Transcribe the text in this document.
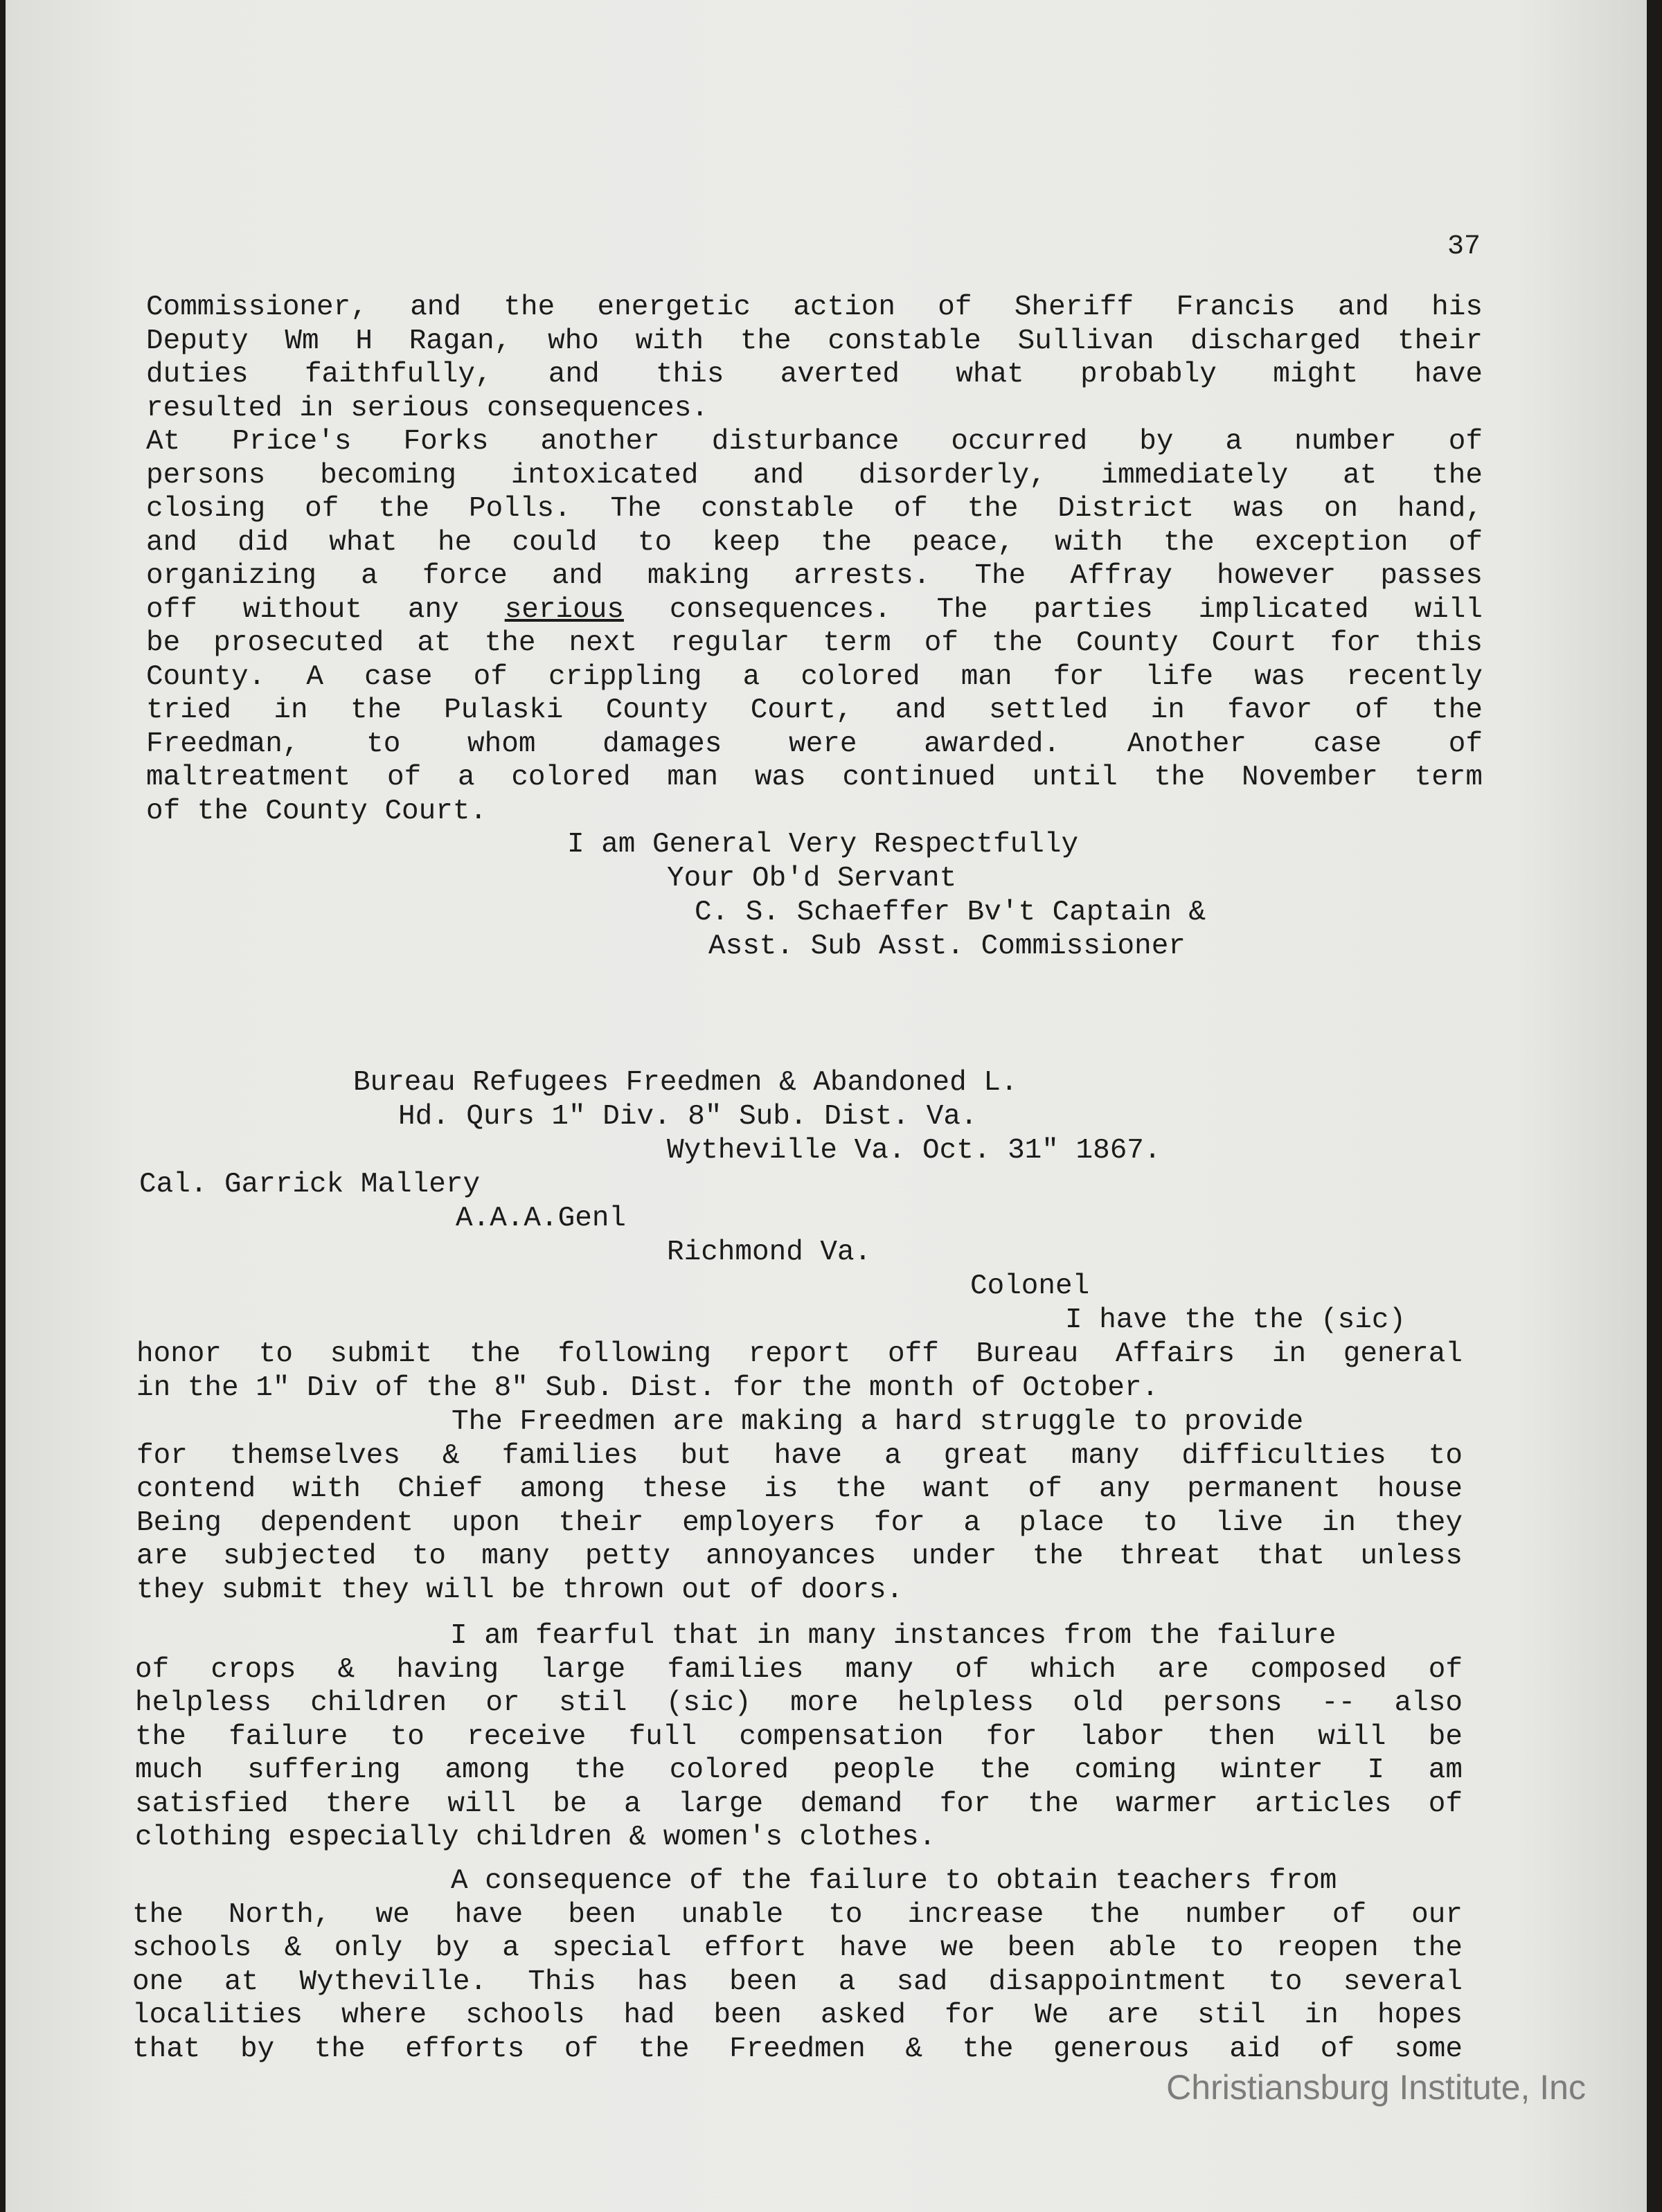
37
Commissioner, and the energetic action of Sheriff Francis and his
Deputy Wm H Ragan, who with the constable Sullivan discharged their
duties faithfully, and this averted what probably might have
resulted in serious consequences.
At Price's Forks another disturbance occurred by a number of
persons becoming intoxicated and disorderly, immediately at the
closing of the Polls. The constable of the District was on hand,
and did what he could to keep the peace, with the exception of
organizing a force and making arrests. The Affray however passes
off without any serious consequences. The parties implicated will
be prosecuted at the next regular term of the County Court for this
County. A case of crippling a colored man for life was recently
tried in the Pulaski County Court, and settled in favor of the
Freedman, to whom damages were awarded. Another case of
maltreatment of a colored man was continued until the November term
of the County Court.
I am General Very Respectfully
Your Ob'd Servant
C. S. Schaeffer Bv't Captain &
Asst. Sub Asst. Commissioner
Bureau Refugees Freedmen & Abandoned L.
Hd. Qurs 1" Div. 8" Sub. Dist. Va.
Wytheville Va. Oct. 31" 1867.
Cal. Garrick Mallery
A.A.A.Genl
Richmond Va.
Colonel
I have the the (sic)
honor to submit the following report off Bureau Affairs in general
in the 1" Div of the 8" Sub. Dist. for the month of October.
The Freedmen are making a hard struggle to provide
for themselves & families but have a great many difficulties to
contend with Chief among these is the want of any permanent house
Being dependent upon their employers for a place to live in they
are subjected to many petty annoyances under the threat that unless
they submit they will be thrown out of doors.
I am fearful that in many instances from the failure
of crops & having large families many of which are composed of
helpless children or stil (sic) more helpless old persons -- also
the failure to receive full compensation for labor then will be
much suffering among the colored people the coming winter I am
satisfied there will be a large demand for the warmer articles of
clothing especially children & women's clothes.
A consequence of the failure to obtain teachers from
the North, we have been unable to increase the number of our
schools & only by a special effort have we been able to reopen the
one at Wytheville. This has been a sad disappointment to several
localities where schools had been asked for We are stil in hopes
that by the efforts of the Freedmen & the generous aid of some
Christiansburg Institute, Inc
